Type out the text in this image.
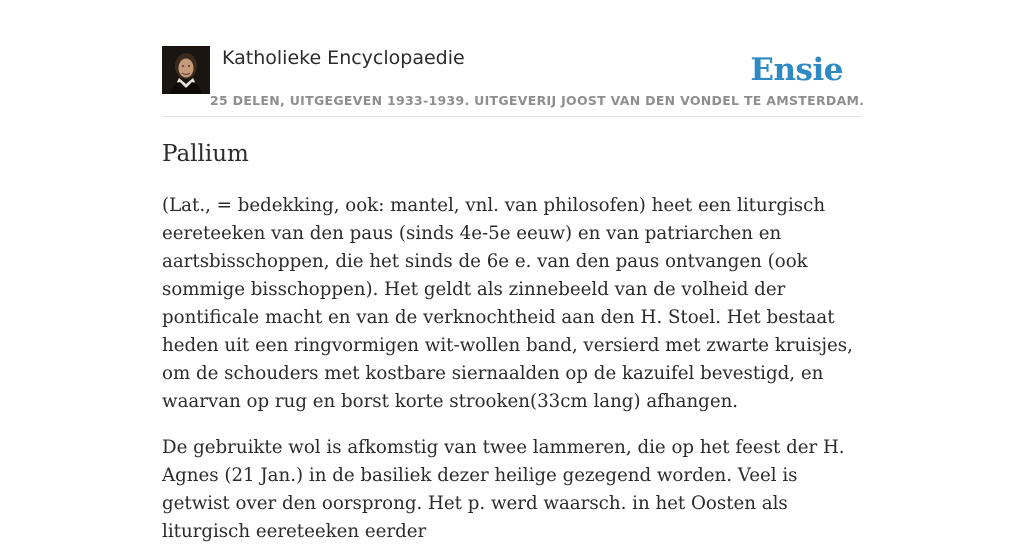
Katholieke Encyclopaedie
25 DELEN, UITGEGEVEN 1933-1939. UITGEVERIJ JOOST VAN DEN VONDEL TE AMSTERDAM.
Ensie
Pallium

(Lat., = bedekking, ook: mantel, vnl. van philosofen) heet een liturgisch eereteeken van den paus (sinds 4e-5e eeuw) en van patriarchen en aartsbisschoppen, die het sinds de 6e e. van den paus ontvangen (ook sommige bisschoppen). Het geldt als zinnebeeld van de volheid der pontificale macht en van de verknochtheid aan den H. Stoel. Het bestaat heden uit een ringvormigen wit-wollen band, versierd met zwarte kruisjes, om de schouders met kostbare siernaalden op de kazuifel bevestigd, en waarvan op rug en borst korte strooken(33cm lang) afhangen.

De gebruikte wol is afkomstig van twee lammeren, die op het feest der H. Agnes (21 Jan.) in de basiliek dezer heilige gezegend worden. Veel is getwist over den oorsprong. Het p. werd waarsch. in het Oosten als liturgisch eereteeken eerder
